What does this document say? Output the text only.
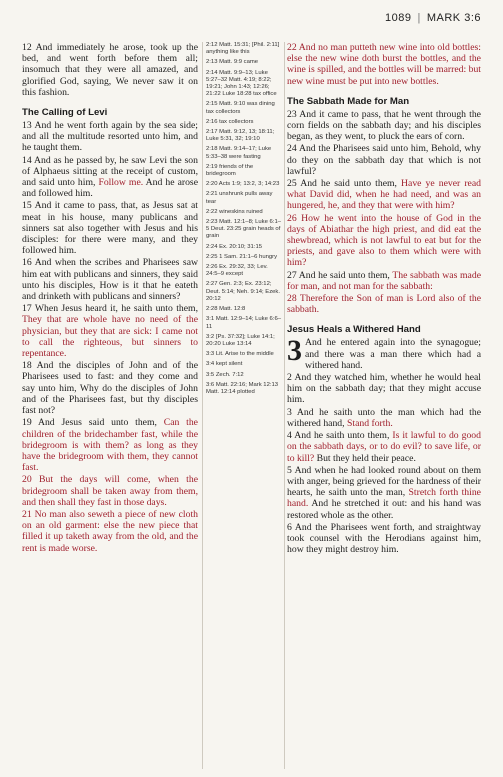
1089 | MARK 3:6

12 And immediately he arose, took up the bed, and went forth before them all; insomuch that they were all amazed, and glorified God, saying, We never saw it on this fashion.

The Calling of Levi

13 And he went forth again by the sea side; and all the multitude resorted unto him, and he taught them.

14 And as he passed by, he saw Levi the son of Alphaeus sitting at the receipt of custom, and said unto him, Follow me. And he arose and followed him.

15 And it came to pass, that, as Jesus sat at meat in his house, many publicans and sinners sat also together with Jesus and his disciples: for there were many, and they followed him.

16 And when the scribes and Pharisees saw him eat with publicans and sinners, they said unto his disciples, How is it that he eateth and drinketh with publicans and sinners?

17 When Jesus heard it, he saith unto them, They that are whole have no need of the physician, but they that are sick: I came not to call the righteous, but sinners to repentance.

18 And the disciples of John and of the Pharisees used to fast: and they come and say unto him, Why do the disciples of John and of the Pharisees fast, but thy disciples fast not?

19 And Jesus said unto them, Can the children of the bridechamber fast, while the bridegroom is with them? as long as they have the bridegroom with them, they cannot fast.

20 But the days will come, when the bridegroom shall be taken away from them, and then shall they fast in those days.

21 No man also seweth a piece of new cloth on an old garment: else the new piece that filled it up taketh away from the old, and the rent is made worse.

2:12 Matt. 15:31; [Phil. 2:11] anything like this
2:13 Matt. 9:9 came
2:14 Matt. 9:9–13; Luke 5:27–32 Matt. 4:19; 8:22; 19:21; John 1:43; 12:26; 21:22 Luke 18:28 tax office
2:15 Matt. 9:10 was dining tax collectors
2:16 tax collectors
2:17 Matt. 9:12, 13; 18:11; Luke 5:31, 32; 19:10
2:18 Matt. 9:14–17; Luke 5:33–38 were fasting
2:19 friends of the bridegroom
2:20 Acts 1:9; 13:2, 3; 14:23
2:21 unshrunk pulls away tear
2:22 wineskins ruined
2:23 Matt. 12:1–8; Luke 6:1–5 Deut. 23:25 grain heads of grain
2:24 Ex. 20:10; 31:15
2:25 1 Sam. 21:1–6 hungry
2:26 Ex. 29:32, 33; Lev. 24:5–9 except
2:27 Gen. 2:3; Ex. 23:12; Deut. 5:14; Neh. 9:14; Ezek. 20:12
2:28 Matt. 12:8
3:1 Matt. 12:9–14; Luke 6:6–11
3:2 [Ps. 37:32]; Luke 14:1; 20:20 Luke 13:14
3:3 Lit. Arise to the middle
3:4 kept silent
3:5 Zech. 7:12
3:6 Matt. 22:16; Mark 12:13 Matt. 12:14 plotted

22 And no man putteth new wine into old bottles: else the new wine doth burst the bottles, and the wine is spilled, and the bottles will be marred: but new wine must be put into new bottles.

The Sabbath Made for Man

23 And it came to pass, that he went through the corn fields on the sabbath day; and his disciples began, as they went, to pluck the ears of corn.

24 And the Pharisees said unto him, Behold, why do they on the sabbath day that which is not lawful?

25 And he said unto them, Have ye never read what David did, when he had need, and was an hungered, he, and they that were with him?

26 How he went into the house of God in the days of Abiathar the high priest, and did eat the shewbread, which is not lawful to eat but for the priests, and gave also to them which were with him?

27 And he said unto them, The sabbath was made for man, and not man for the sabbath:

28 Therefore the Son of man is Lord also of the sabbath.

Jesus Heals a Withered Hand

3 And he entered again into the synagogue; and there was a man there which had a withered hand.

2 And they watched him, whether he would heal him on the sabbath day; that they might accuse him.

3 And he saith unto the man which had the withered hand, Stand forth.

4 And he saith unto them, Is it lawful to do good on the sabbath days, or to do evil? to save life, or to kill? But they held their peace.

5 And when he had looked round about on them with anger, being grieved for the hardness of their hearts, he saith unto the man, Stretch forth thine hand. And he stretched it out: and his hand was restored whole as the other.

6 And the Pharisees went forth, and straightway took counsel with the Herodians against him, how they might destroy him.
